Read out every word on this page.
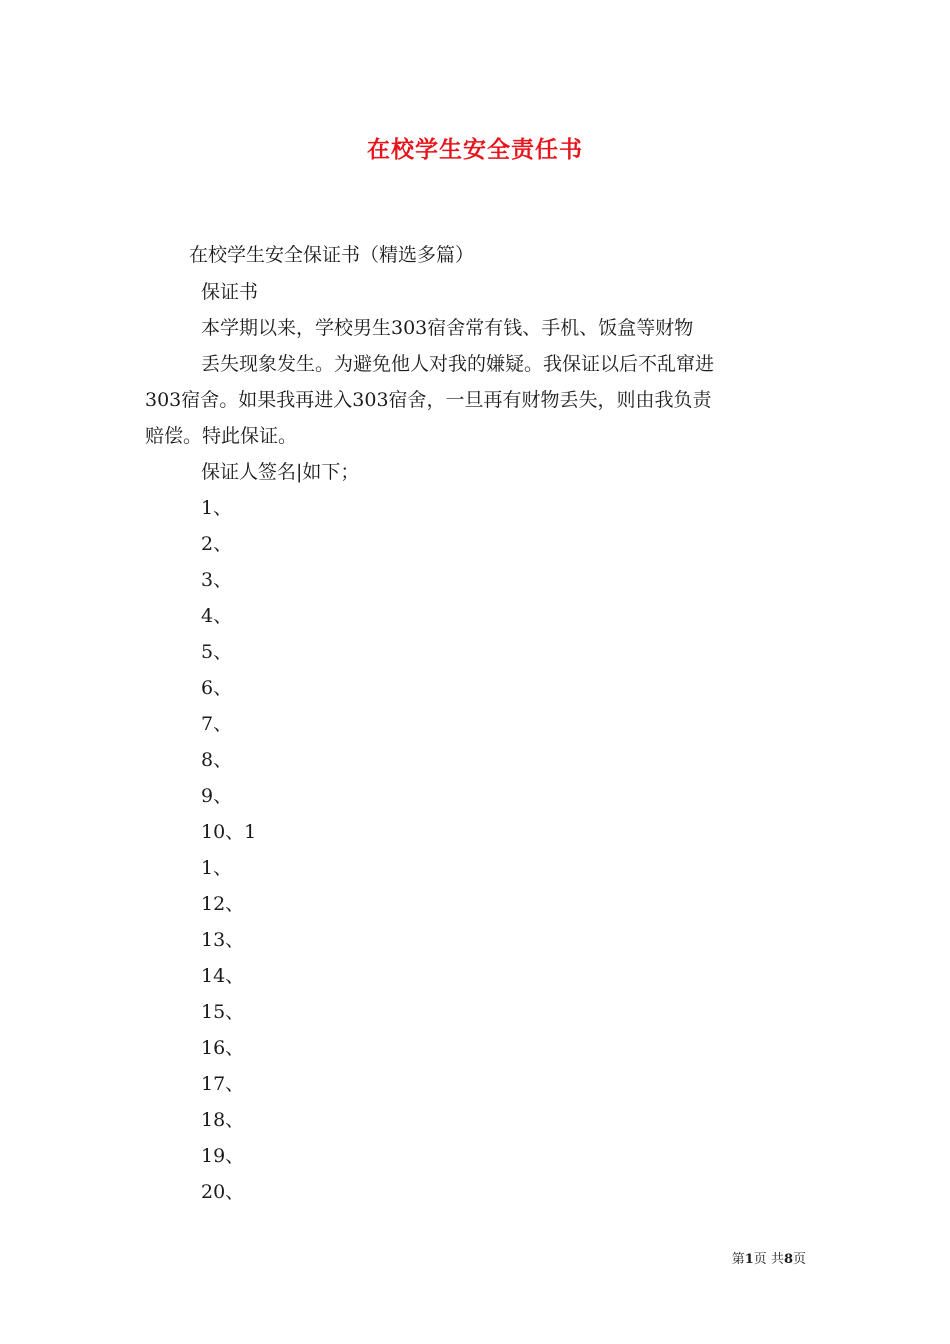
在校学生安全责任书
在校学生安全保证书（精选多篇）
保证书
本学期以来，学校男生303宿舍常有钱、手机、饭盒等财物
丢失现象发生。为避免他人对我的嫌疑。我保证以后不乱窜进
303宿舍。如果我再进入303宿舍，一旦再有财物丢失，则由我负责
赔偿。特此保证。
保证人签名|如下；
1、
2、
3、
4、
5、
6、
7、
8、
9、
10、1
1、
12、
13、
14、
15、
16、
17、
18、
19、
20、
第1页 共8页
